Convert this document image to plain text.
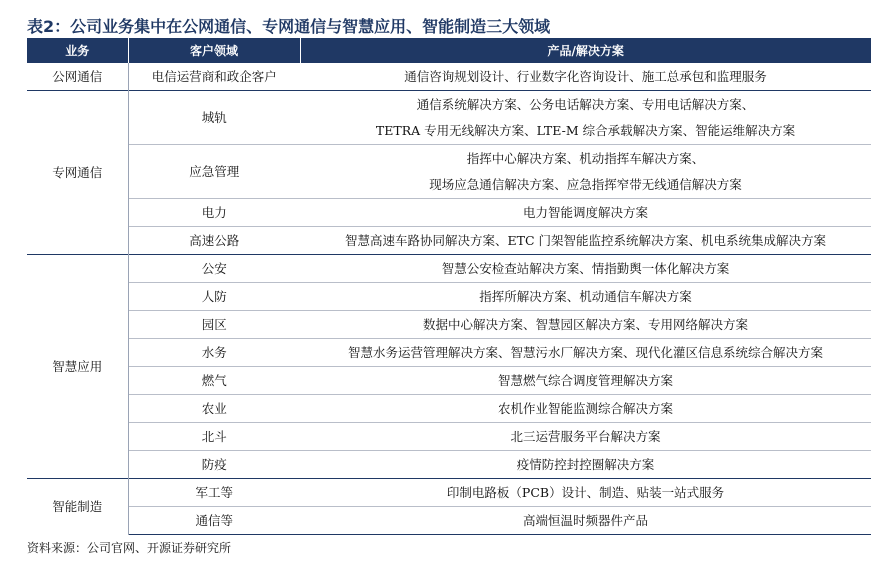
表2：公司业务集中在公网通信、专网通信与智慧应用、智能制造三大领域
业务	客户领域	产品/解决方案
公网通信	电信运营商和政企客户	通信咨询规划设计、行业数字化咨询设计、施工总承包和监理服务

专网通信	城轨	通信系统解决方案、公务电话解决方案、专用电话解决方案、
TETRA 专用无线解决方案、LTE-M 综合承载解决方案、智能运维解决方案

	应急管理	指挥中心解决方案、机动指挥车解决方案、
现场应急通信解决方案、应急指挥窄带无线通信解决方案

	电力	电力智能调度解决方案

	高速公路	智慧高速车路协同解决方案、ETC 门架智能监控系统解决方案、机电系统集成解决方案

智慧应用	公安	智慧公安检查站解决方案、情指勤舆一体化解决方案

	人防	指挥所解决方案、机动通信车解决方案

	园区	数据中心解决方案、智慧园区解决方案、专用网络解决方案

	水务	智慧水务运营管理解决方案、智慧污水厂解决方案、现代化灌区信息系统综合解决方案

	燃气	智慧燃气综合调度管理解决方案

	农业	农机作业智能监测综合解决方案

	北斗	北三运营服务平台解决方案

	防疫	疫情防控封控圈解决方案

智能制造	军工等	印制电路板（PCB）设计、制造、贴装一站式服务

	通信等	高端恒温时频器件产品
资料来源：公司官网、开源证券研究所
